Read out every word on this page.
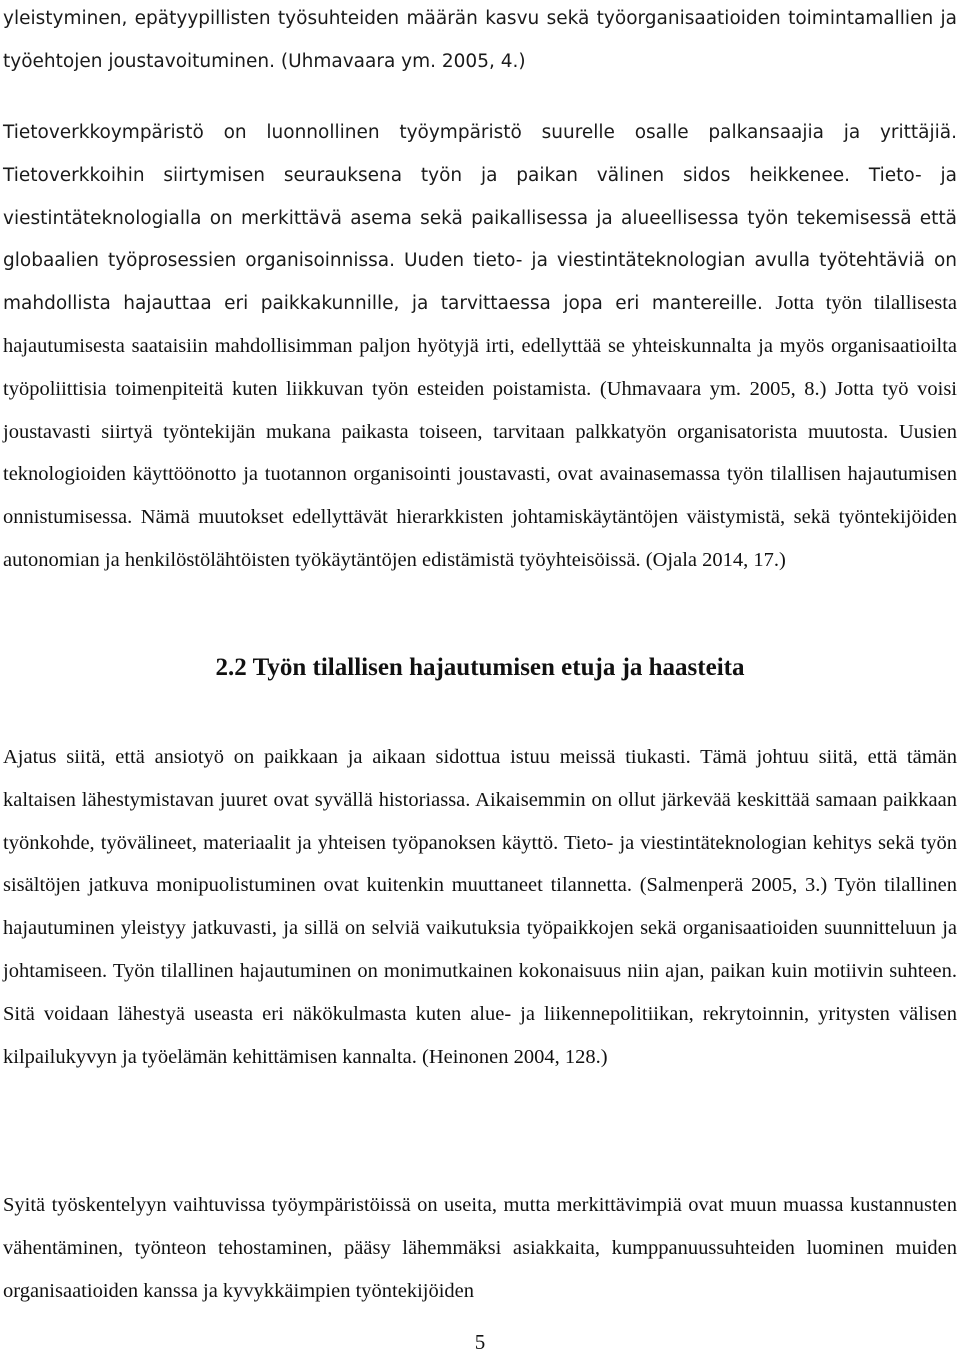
yleistyminen, epätyypillisten työsuhteiden määrän kasvu sekä työorganisaatioiden toimintamallien ja työehtojen joustavoituminen. (Uhmavaara ym. 2005, 4.)

Tietoverkkoympäristö on luonnollinen työympäristö suurelle osalle palkansaajia ja yrittäjiä. Tietoverkkoihin siirtymisen seurauksena työn ja paikan välinen sidos heikkenee. Tieto- ja viestintäteknologialla on merkittävä asema sekä paikallisessa ja alueellisessa työn tekemisessä että globaalien työprosessien organisoinnissa. Uuden tieto- ja viestintäteknologian avulla työtehtäviä on mahdollista hajauttaa eri paikkakunnille, ja tarvittaessa jopa eri mantereille. Jotta työn tilallisesta hajautumisesta saataisiin mahdollisimman paljon hyötyjä irti, edellyttää se yhteiskunnalta ja myös organisaatioilta työpoliittisia toimenpiteitä kuten liikkuvan työn esteiden poistamista. (Uhmavaara ym. 2005, 8.) Jotta työ voisi joustavasti siirtyä työntekijän mukana paikasta toiseen, tarvitaan palkkatyön organisatorista muutosta. Uusien teknologioiden käyttöönotto ja tuotannon organisointi joustavasti, ovat avainasemassa työn tilallisen hajautumisen onnistumisessa. Nämä muutokset edellyttävät hierarkkisten johtamiskäytäntöjen väistymistä, sekä työntekijöiden autonomian ja henkilöstölähtöisten työkäytäntöjen edistämistä työyhteisöissä. (Ojala 2014, 17.)

2.2 Työn tilallisen hajautumisen etuja ja haasteita

Ajatus siitä, että ansiotyö on paikkaan ja aikaan sidottua istuu meissä tiukasti. Tämä johtuu siitä, että tämän kaltaisen lähestymistavan juuret ovat syvällä historiassa. Aikaisemmin on ollut järkevää keskittää samaan paikkaan työnkohde, työvälineet, materiaalit ja yhteisen työpanoksen käyttö. Tieto- ja viestintäteknologian kehitys sekä työn sisältöjen jatkuva monipuolistuminen ovat kuitenkin muuttaneet tilannetta. (Salmenperä 2005, 3.) Työn tilallinen hajautuminen yleistyy jatkuvasti, ja sillä on selviä vaikutuksia työpaikkojen sekä organisaatioiden suunnitteluun ja johtamiseen. Työn tilallinen hajautuminen on monimutkainen kokonaisuus niin ajan, paikan kuin motiivin suhteen. Sitä voidaan lähestyä useasta eri näkökulmasta kuten alue- ja liikennepolitiikan, rekrytoinnin, yritysten välisen kilpailukyvyn ja työelämän kehittämisen kannalta. (Heinonen 2004, 128.)

Syitä työskentelyyn vaihtuvissa työympäristöissä on useita, mutta merkittävimpiä ovat muun muassa kustannusten vähentäminen, työnteon tehostaminen, pääsy lähemmäksi asiakkaita, kumppanuussuhteiden luominen muiden organisaatioiden kanssa ja kyvykkäimpien työntekijöiden

5
